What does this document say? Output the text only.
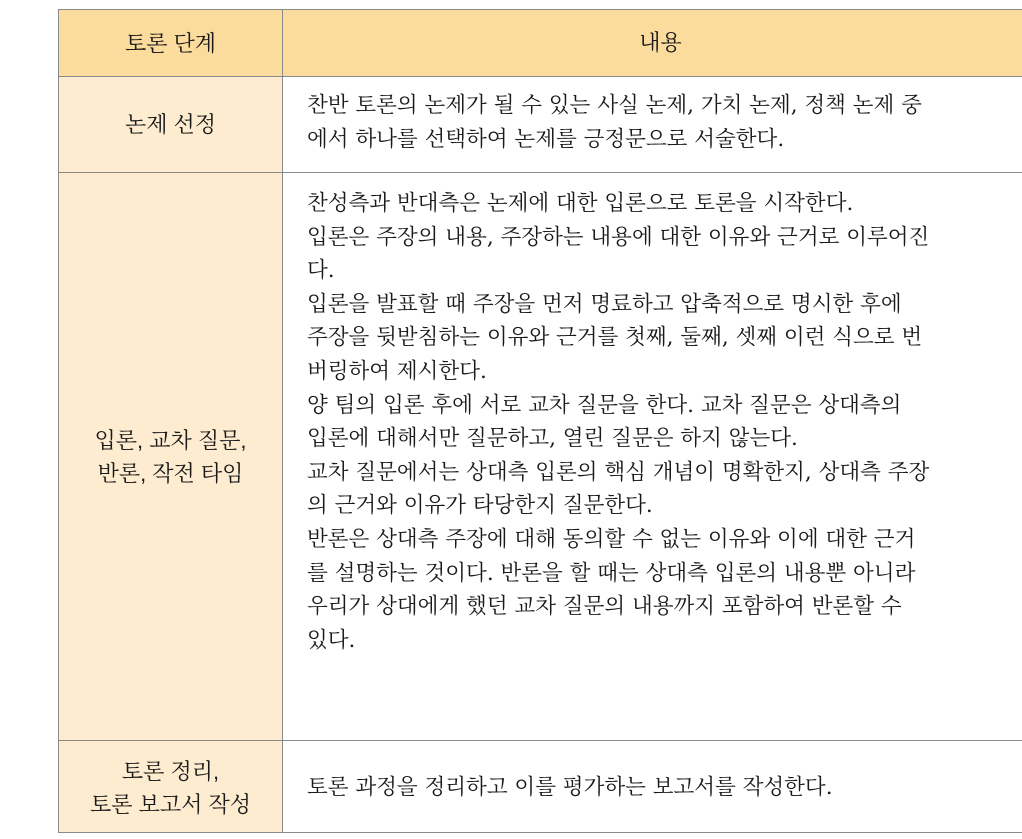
토론 단계	내용
논제 선정
찬반 토론의 논제가 될 수 있는 사실 논제, 가치 논제, 정책 논제 중
에서 하나를 선택하여 논제를 긍정문으로 서술한다.
입론, 교차 질문,
반론, 작전 타임
찬성측과 반대측은 논제에 대한 입론으로 토론을 시작한다.
입론은 주장의 내용, 주장하는 내용에 대한 이유와 근거로 이루어진
다.
입론을 발표할 때 주장을 먼저 명료하고 압축적으로 명시한 후에
주장을 뒷받침하는 이유와 근거를 첫째, 둘째, 셋째 이런 식으로 번
버링하여 제시한다.
양 팀의 입론 후에 서로 교차 질문을 한다. 교차 질문은 상대측의
입론에 대해서만 질문하고, 열린 질문은 하지 않는다.
교차 질문에서는 상대측 입론의 핵심 개념이 명확한지, 상대측 주장
의 근거와 이유가 타당한지 질문한다.
반론은 상대측 주장에 대해 동의할 수 없는 이유와 이에 대한 근거
를 설명하는 것이다. 반론을 할 때는 상대측 입론의 내용뿐 아니라
우리가 상대에게 했던 교차 질문의 내용까지 포함하여 반론할 수
있다.
토론 정리,
토론 보고서 작성
토론 과정을 정리하고 이를 평가하는 보고서를 작성한다.
